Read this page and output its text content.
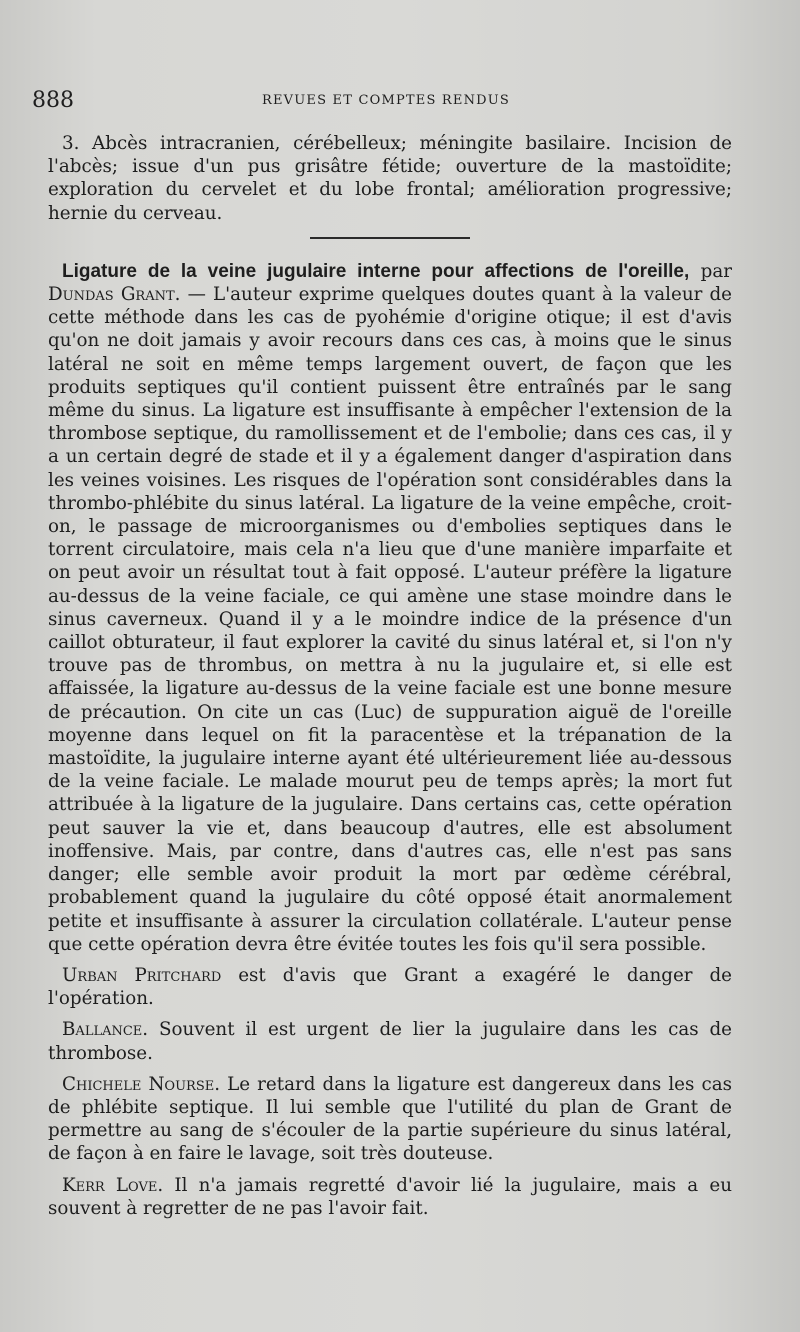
888	REVUES ET COMPTES RENDUS

3. Abcès intracranien, cérébelleux; méningite basilaire. Incision de l'abcès; issue d'un pus grisâtre fétide; ouverture de la mastoïdite; exploration du cervelet et du lobe frontal; amélioration progressive; hernie du cerveau.

Ligature de la veine jugulaire interne pour affections de l'oreille, par Dundas Grant. — L'auteur exprime quelques doutes quant à la valeur de cette méthode dans les cas de pyohémie d'origine otique; il est d'avis qu'on ne doit jamais y avoir recours dans ces cas, à moins que le sinus latéral ne soit en même temps largement ouvert, de façon que les produits septiques qu'il contient puissent être entraînés par le sang même du sinus. La ligature est insuffisante à empêcher l'extension de la thrombose septique, du ramollissement et de l'embolie; dans ces cas, il y a un certain degré de stade et il y a également danger d'aspiration dans les veines voisines. Les risques de l'opération sont considérables dans la thrombo-phlébite du sinus latéral. La ligature de la veine empêche, croit-on, le passage de microorganismes ou d'embolies septiques dans le torrent circulatoire, mais cela n'a lieu que d'une manière imparfaite et on peut avoir un résultat tout à fait opposé. L'auteur préfère la ligature au-dessus de la veine faciale, ce qui amène une stase moindre dans le sinus caverneux. Quand il y a le moindre indice de la présence d'un caillot obturateur, il faut explorer la cavité du sinus latéral et, si l'on n'y trouve pas de thrombus, on mettra à nu la jugulaire et, si elle est affaissée, la ligature au-dessus de la veine faciale est une bonne mesure de précaution. On cite un cas (Luc) de suppuration aiguë de l'oreille moyenne dans lequel on fit la paracentèse et la trépanation de la mastoïdite, la jugulaire interne ayant été ultérieurement liée au-dessous de la veine faciale. Le malade mourut peu de temps après; la mort fut attribuée à la ligature de la jugulaire. Dans certains cas, cette opération peut sauver la vie et, dans beaucoup d'autres, elle est absolument inoffensive. Mais, par contre, dans d'autres cas, elle n'est pas sans danger; elle semble avoir produit la mort par œdème cérébral, probablement quand la jugulaire du côté opposé était anormalement petite et insuffisante à assurer la circulation collatérale. L'auteur pense que cette opération devra être évitée toutes les fois qu'il sera possible.

Urban Pritchard est d'avis que Grant a exagéré le danger de l'opération.

Ballance. Souvent il est urgent de lier la jugulaire dans les cas de thrombose.

Chichele Nourse. Le retard dans la ligature est dangereux dans les cas de phlébite septique. Il lui semble que l'utilité du plan de Grant de permettre au sang de s'écouler de la partie supérieure du sinus latéral, de façon à en faire le lavage, soit très douteuse.

Kerr Love. Il n'a jamais regretté d'avoir lié la jugulaire, mais a eu souvent à regretter de ne pas l'avoir fait.
